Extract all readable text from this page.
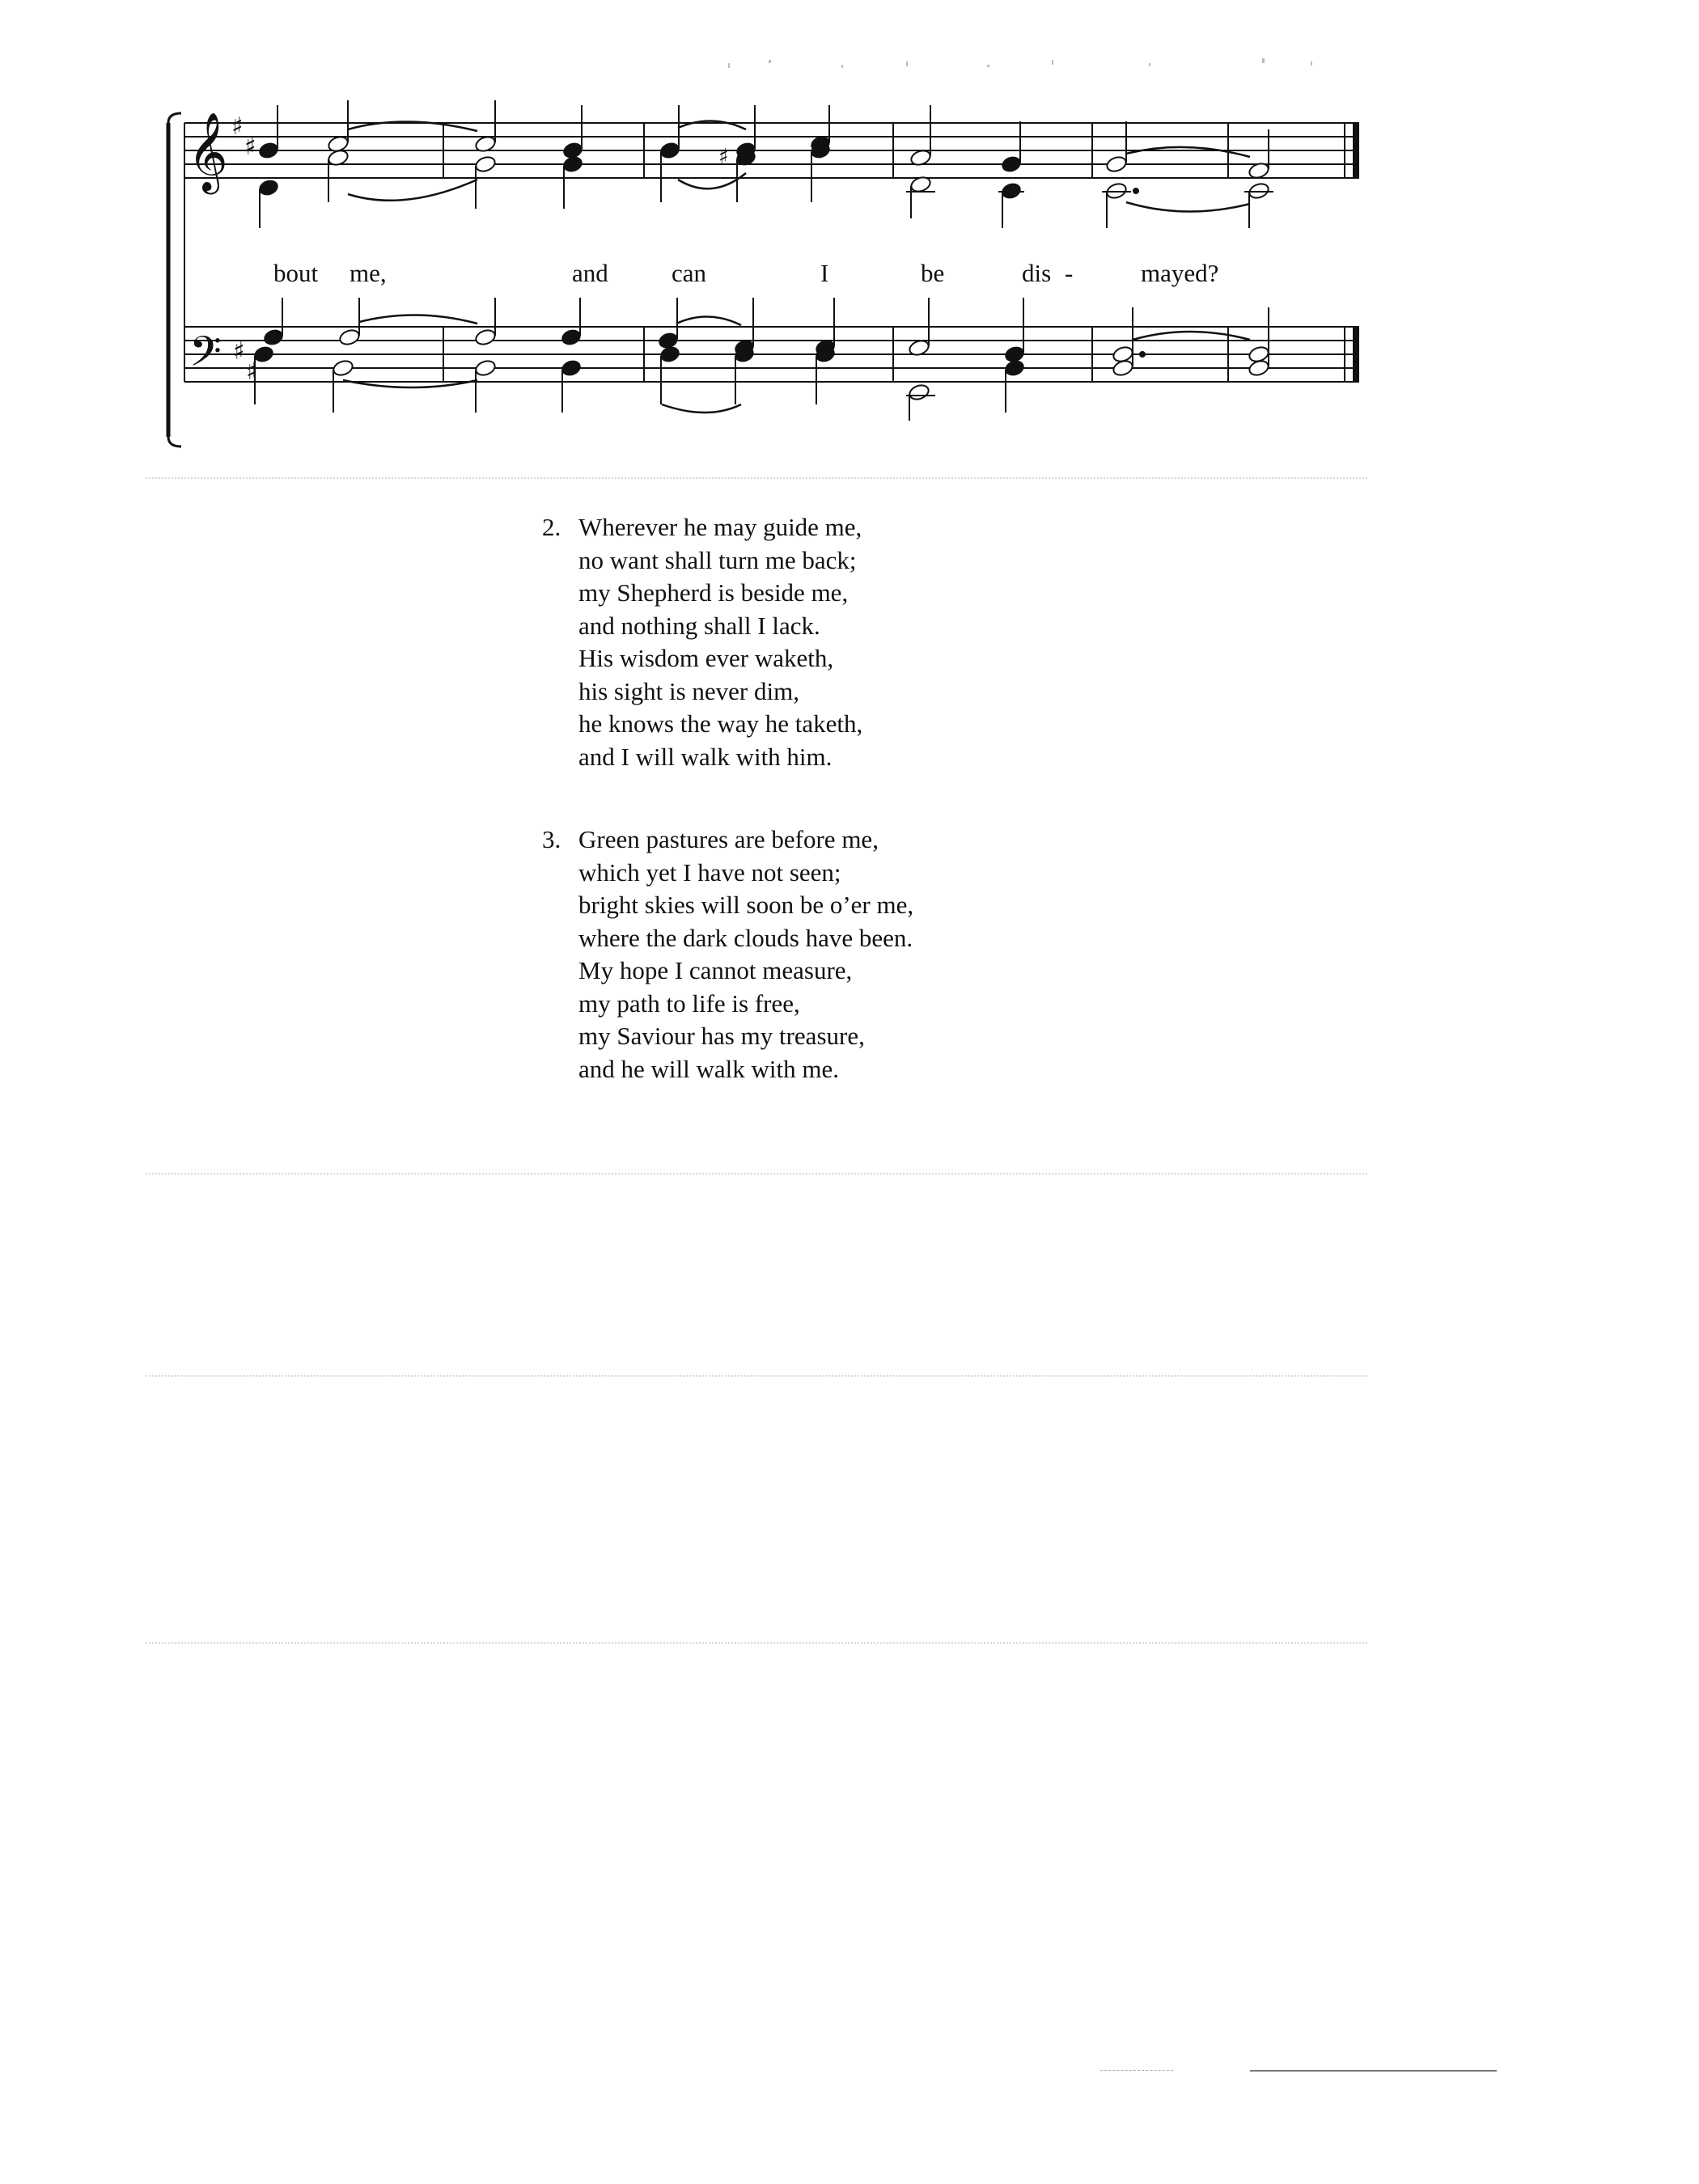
𝄞 ♯
♯
𝄢 ♯
♯
♯
bout me,	and	can	I	be	dis -	mayed?
2. Wherever he may guide me,
no want shall turn me back;
my Shepherd is beside me,
and nothing shall I lack.
His wisdom ever waketh,
his sight is never dim,
he knows the way he taketh,
and I will walk with him.
3. Green pastures are before me,
which yet I have not seen;
bright skies will soon be o’er me,
where the dark clouds have been.
My hope I cannot measure,
my path to life is free,
my Saviour has my treasure,
and he will walk with me.
